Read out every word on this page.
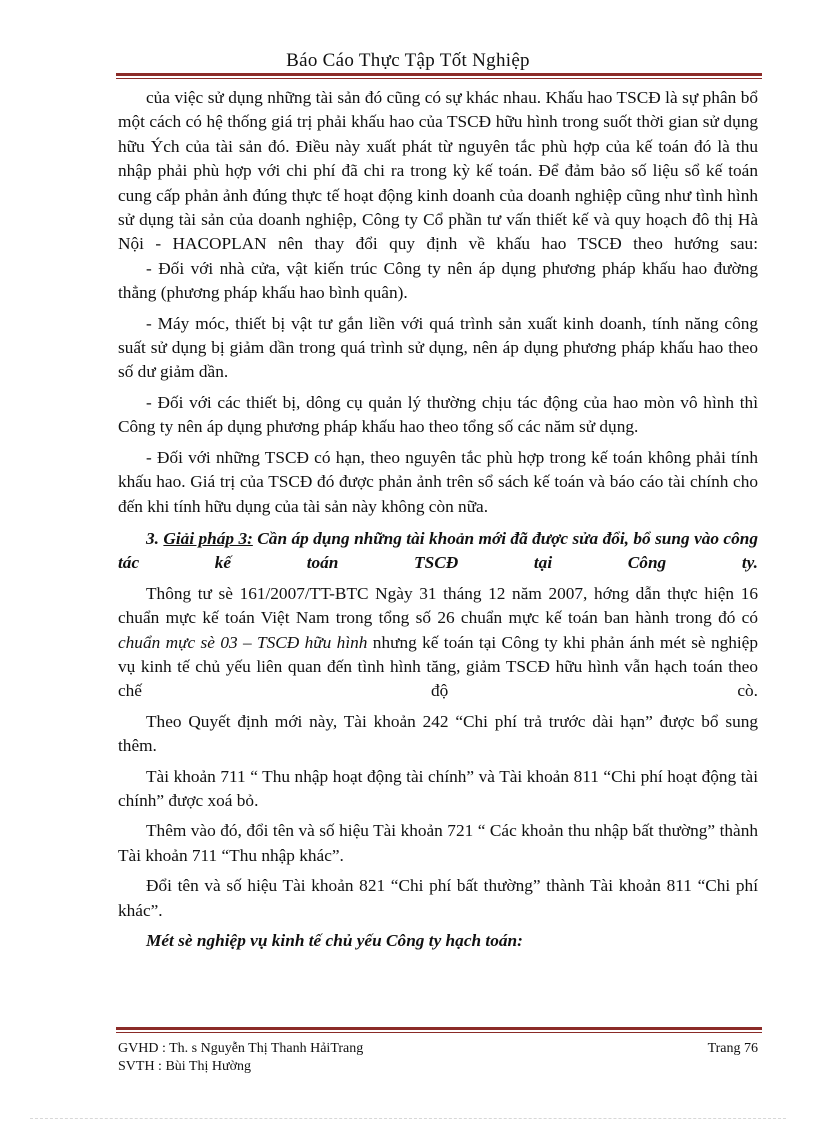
Báo Cáo Thực Tập Tốt Nghiệp

của việc sử dụng những tài sản đó cũng có sự khác nhau. Khấu hao TSCĐ là sự phân bổ một cách có hệ thống giá trị phải khấu hao của TSCĐ hữu hình trong suốt thời gian sử dụng hữu Ých của tài sản đó. Điều này xuất phát từ nguyên tắc phù hợp của kế toán đó là thu nhập phải phù hợp với chi phí đã chi ra trong kỳ kế toán. Để đảm bảo số liệu sổ kế toán cung cấp phản ảnh đúng thực tế hoạt động kinh doanh của doanh nghiệp cũng như tình hình sử dụng tài sản của doanh nghiệp, Công ty Cổ phần tư vấn thiết kế và quy hoạch đô thị Hà Nội - HACOPLAN nên thay đổi quy định về khấu hao TSCĐ theo hướng sau:

- Đối với nhà cửa, vật kiến trúc Công ty nên áp dụng phương pháp khấu hao đường thẳng (phương pháp khấu hao bình quân).

- Máy móc, thiết bị vật tư gắn liền với quá trình sản xuất kinh doanh, tính năng công suất sử dụng bị giảm dần trong quá trình sử dụng, nên áp dụng phương pháp khấu hao theo số dư giảm dần.

- Đối với các thiết bị, dông cụ quản lý thường chịu tác động của hao mòn vô hình thì Công ty nên áp dụng phương pháp khấu hao theo tổng số các năm sử dụng.

- Đối với những TSCĐ có hạn, theo nguyên tắc phù hợp trong kế toán không phải tính khấu hao. Giá trị của TSCĐ đó được phản ảnh trên sổ sách kế toán và báo cáo tài chính cho đến khi tính hữu dụng của tài sản này không còn nữa.

3. Giải pháp 3: Cần áp dụng những tài khoản mới đã được sửa đổi, bổ sung vào công tác kế toán TSCĐ tại Công ty.

Thông tư sè 161/2007/TT-BTC Ngày 31 tháng 12 năm 2007, hớng dẫn thực hiện 16 chuẩn mực kế toán Việt Nam trong tổng số 26 chuẩn mực kế toán ban hành trong đó có chuẩn mực sè 03 – TSCĐ hữu hình nhưng kế toán tại Công ty khi phản ánh mét sè nghiệp vụ kinh tế chủ yếu liên quan đến tình hình tăng, giảm TSCĐ hữu hình vẫn hạch toán theo chế độ cò.

Theo Quyết định mới này, Tài khoản 242 “Chi phí trả trước dài hạn” được bổ sung thêm.

Tài khoản 711 “ Thu nhập hoạt động tài chính” và Tài khoản 811 “Chi phí hoạt động tài chính” được xoá bỏ.

Thêm vào đó, đổi tên và số hiệu Tài khoản 721 “ Các khoản thu nhập bất thường” thành Tài khoản 711 “Thu nhập khác”.

Đổi tên và số hiệu Tài khoản 821 “Chi phí bất thường” thành Tài khoản 811 “Chi phí khác”.

Mét sè nghiệp vụ kinh tế chủ yếu Công ty hạch toán:

GVHD : Th. s Nguyễn Thị Thanh HảiTrang	Trang 76
SVTH : Bùi Thị Hường
